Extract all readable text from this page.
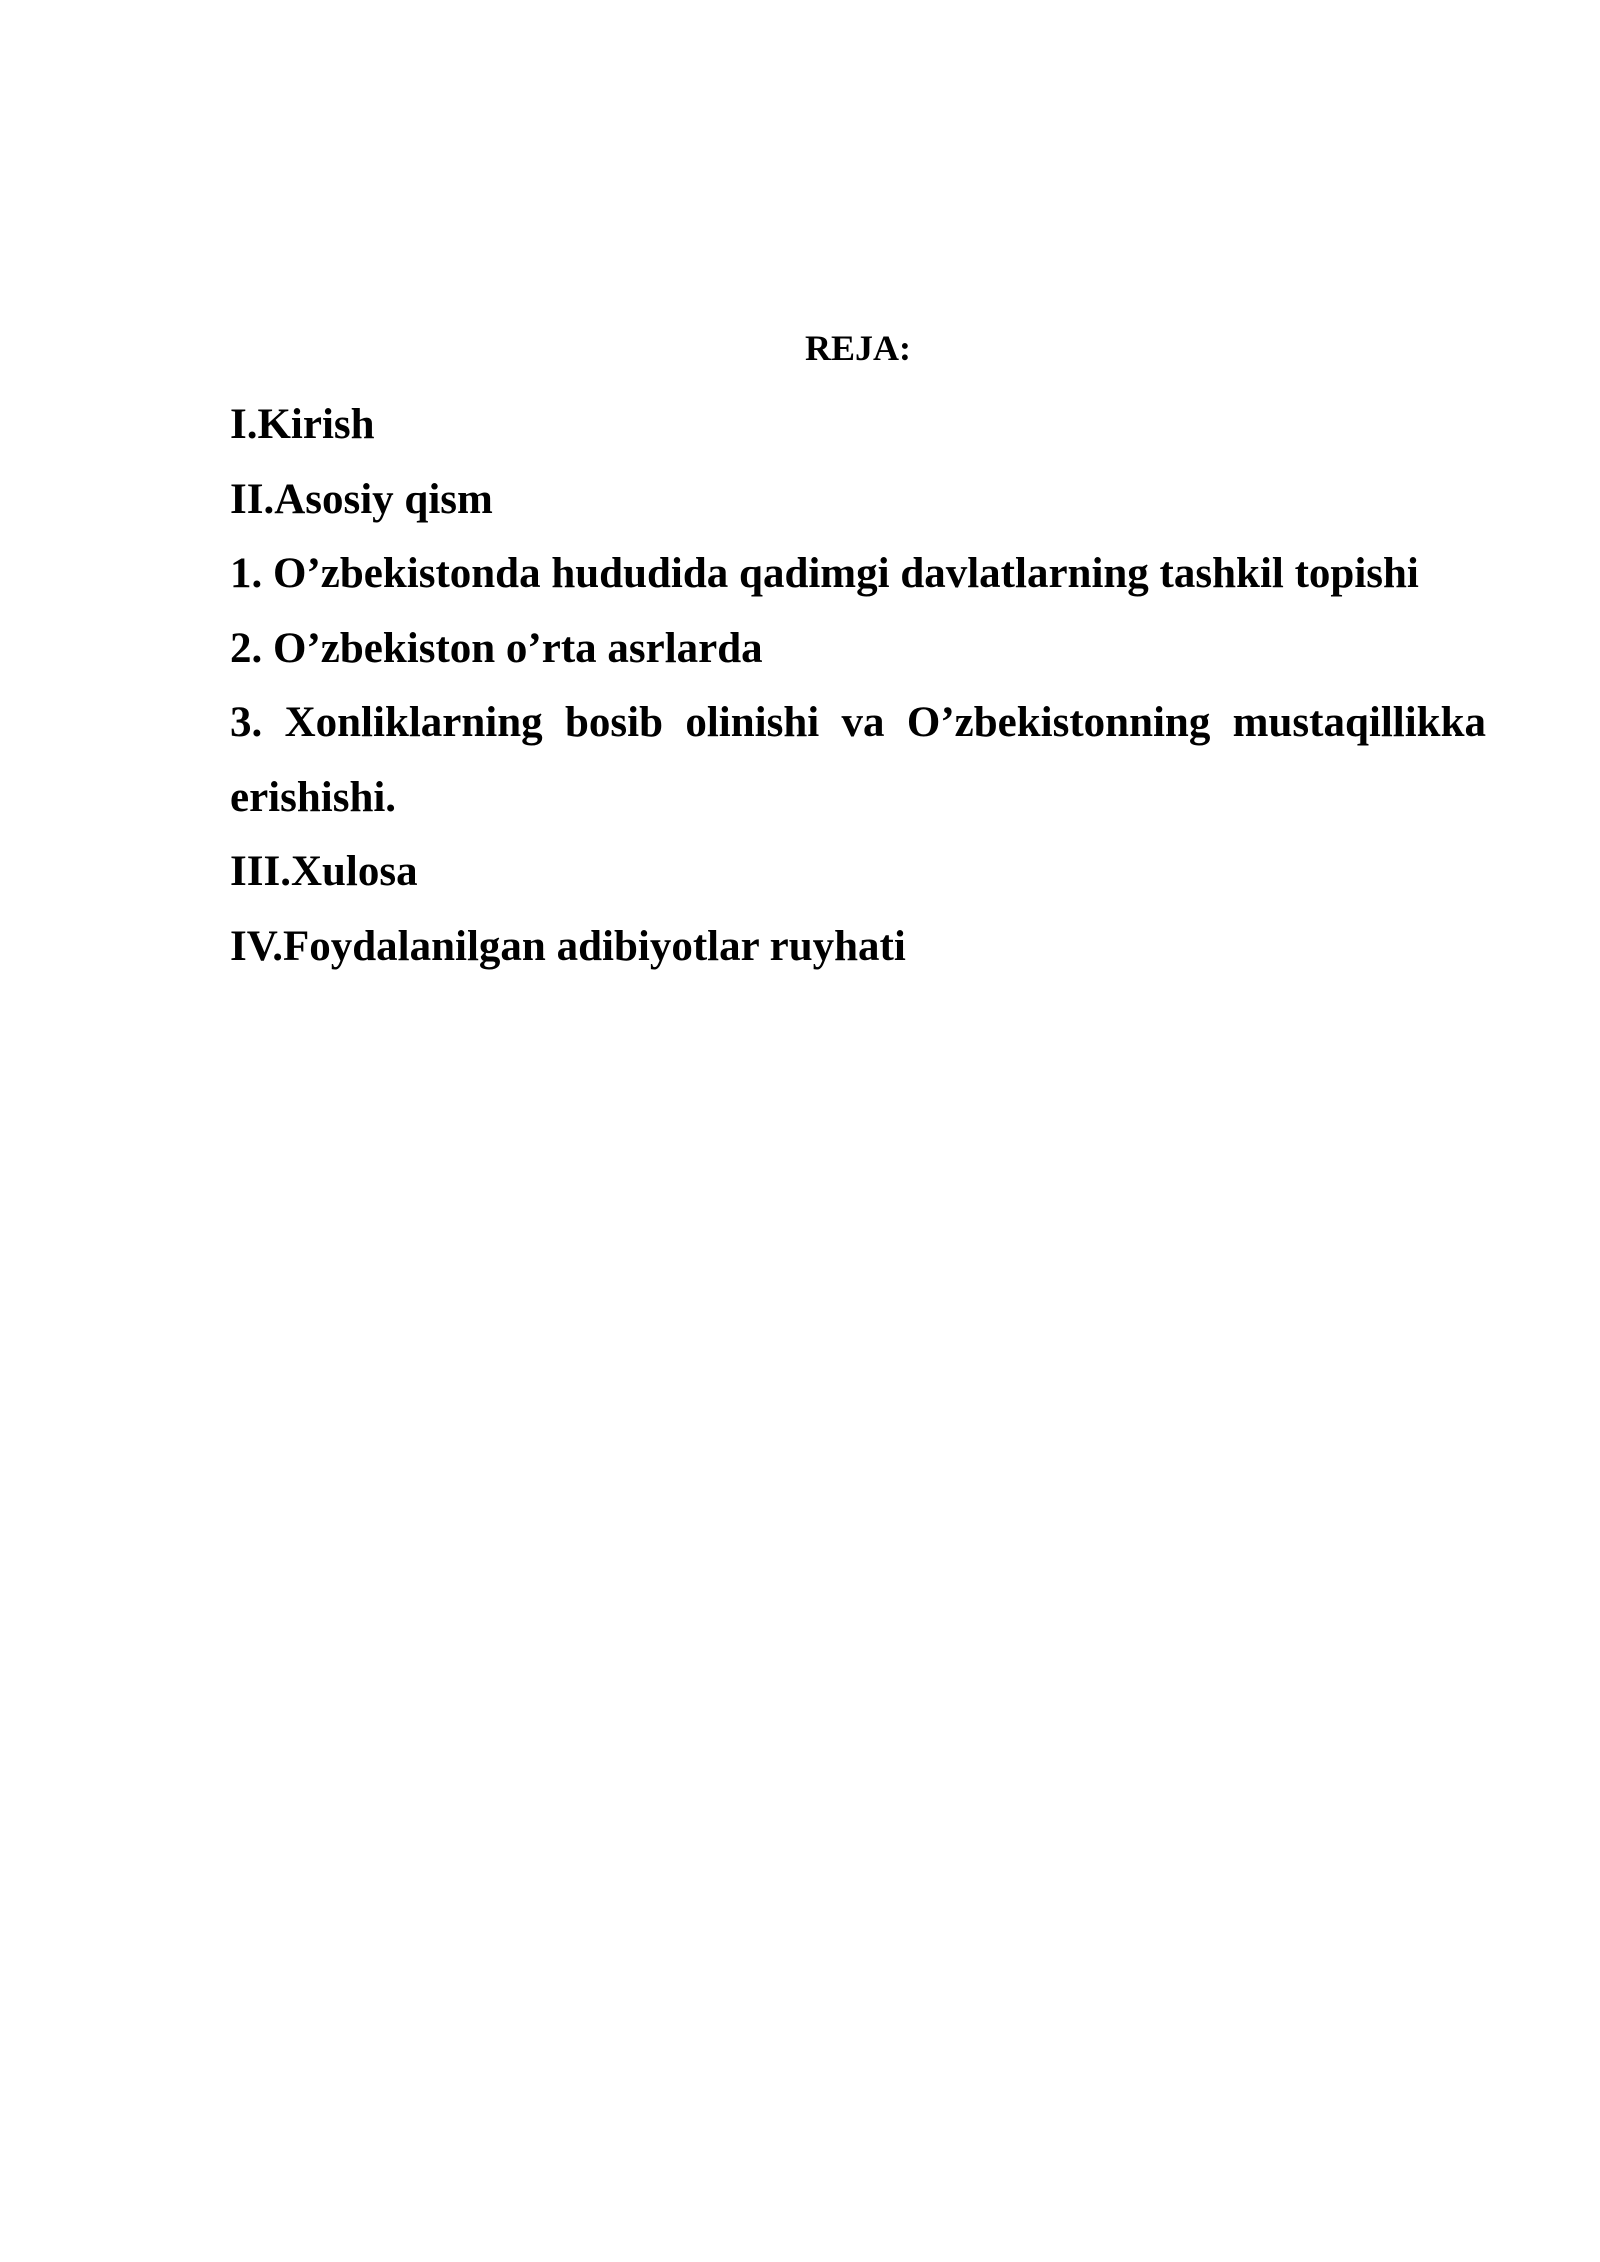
REJA:
I.Kirish
II.Asosiy qism
1. O’zbekistonda hududida qadimgi davlatlarning tashkil topishi
2. O’zbekiston o’rta asrlarda
3. Xonliklarning bosib olinishi va O’zbekistonning mustaqillikka erishishi.
III.Xulosa
IV.Foydalanilgan adibiyotlar ruyhati
